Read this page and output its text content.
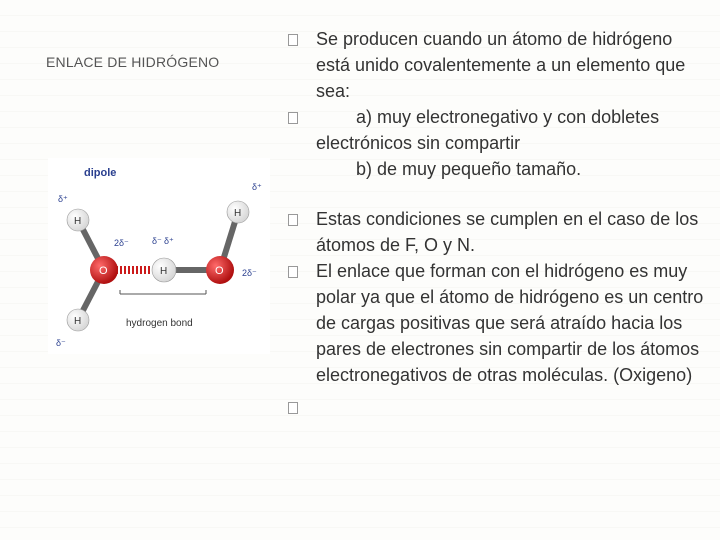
ENLACE DE HIDRÓGENO
dipole
H
H
O	H	O
H
δ⁺
δ⁻
2δ⁻	δ⁻ δ⁺
δ⁺
2δ⁻
hydrogen bond
Se producen cuando un átomo de hidrógeno está unido covalentemente a un elemento que sea:
a) muy electronegativo y con dobletes electrónicos sin compartir
b) de muy pequeño tamaño.
Estas condiciones se cumplen en el caso de los átomos de F, O y N.
El enlace que forman con el hidrógeno es muy polar ya que el átomo de hidrógeno es un centro de cargas positivas que será atraído hacia los pares de electrones sin compartir de los átomos electronegativos de otras moléculas. (Oxigeno)
